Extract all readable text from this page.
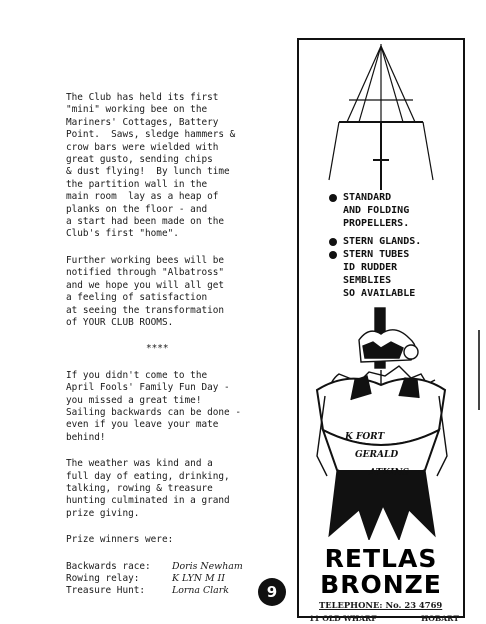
The Club has held its first
"mini" working bee on the
Mariners' Cottages, Battery
Point.  Saws, sledge hammers &
crow bars were wielded with
great gusto, sending chips
& dust flying!  By lunch time
the partition wall in the
main room  lay as a heap of
planks on the floor - and
a start had been made on the
Club's first "home".
Further working bees will be
notified through "Albatross"
and we hope you will all get
a feeling of satisfaction
at seeing the transformation
of YOUR CLUB ROOMS.
****
If you didn't come to the
April Fools' Family Fun Day -
you missed a great time!
Sailing backwards can be done -
even if you leave your mate
behind!
The weather was kind and a
full day of eating, drinking,
talking, rowing & treasure
hunting culminated in a grand
prize giving.
Prize winners were:
Backwards race:	Doris Newham
Rowing relay:	K LYN M II
Treasure Hunt:	Lorna Clark	9
STANDARD
AND FOLDING
PROPELLERS.
STERN GLANDS.
STERN TUBES
ID RUDDER
SEMBLIES
SO AVAILABLE
K FORT
GERALD
ATKINS
RETLAS
BRONZE
TELEPHONE: No. 23 4769
11 OLD WHARF	HOBART
